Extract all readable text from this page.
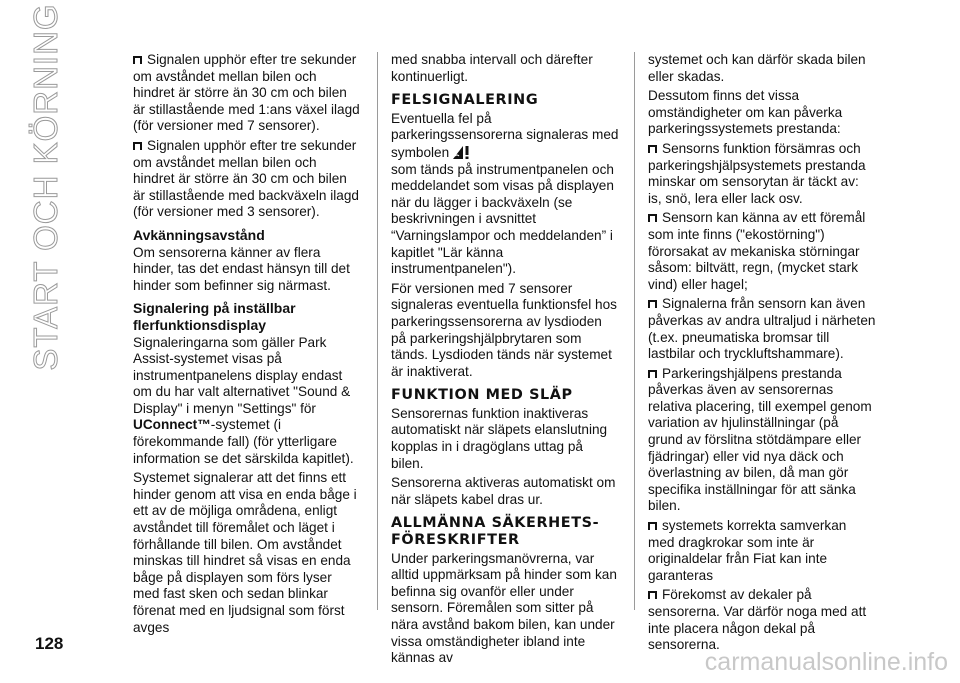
START OCH KÖRNING	Signalen upphör efter tre sekunder om avståndet mellan bilen och hindret är större än 30 cm och bilen är stillastående med 1:ans växel ilagd (för versioner med 7 sensorer).

Signalen upphör efter tre sekunder om avståndet mellan bilen och hindret är större än 30 cm och bilen är stillastående med backväxeln ilagd (för versioner med 3 sensorer).

Avkänningsavstånd

Om sensorerna känner av flera hinder, tas det endast hänsyn till det hinder som befinner sig närmast.

Signalering på inställbar
flerfunktionsdisplay

Signaleringarna som gäller Park Assist-systemet visas på instrumentpanelens display endast om du har valt alternativet "Sound & Display" i menyn "Settings" för UConnect™-systemet (i förekommande fall) (för ytterligare information se det särskilda kapitlet).

Systemet signalerar att det finns ett hinder genom att visa en enda båge i ett av de möjliga områdena, enligt avståndet till föremålet och läget i förhållande till bilen. Om avståndet minskas till hindret så visas en enda båge på displayen som förs lyser med fast sken och sedan blinkar förenat med en ljudsignal som först avges

med snabba intervall och därefter kontinuerligt.

FELSIGNALERING

Eventuella fel på parkeringssensorerna signaleras med symbolen
som tänds på instrumentpanelen och meddelandet som visas på displayen när du lägger i backväxeln (se beskrivningen i avsnittet “Varningslampor och meddelanden” i kapitlet "Lär känna instrumentpanelen").

För versionen med 7 sensorer signaleras eventuella funktionsfel hos parkeringssensorerna av lysdioden på parkeringshjälpbrytaren som tänds. Lysdioden tänds när systemet är inaktiverat.

FUNKTION MED SLÄP

Sensorernas funktion inaktiveras automatiskt när släpets elanslutning kopplas in i dragöglans uttag på bilen.

Sensorerna aktiveras automatiskt om när släpets kabel dras ur.

ALLMÄNNA SÄKERHETS-
FÖRESKRIFTER

Under parkeringsmanövrerna, var alltid uppmärksam på hinder som kan befinna sig ovanför eller under sensorn. Föremålen som sitter på nära avstånd bakom bilen, kan under vissa omständigheter ibland inte kännas av

systemet och kan därför skada bilen eller skadas.

Dessutom finns det vissa omständigheter om kan påverka parkeringssystemets prestanda:

Sensorns funktion försämras och parkeringshjälpsystemets prestanda minskar om sensorytan är täckt av: is, snö, lera eller lack osv.

Sensorn kan känna av ett föremål som inte finns ("ekostörning") förorsakat av mekaniska störningar såsom: biltvätt, regn, (mycket stark vind) eller hagel;

Signalerna från sensorn kan även påverkas av andra ultraljud i närheten (t.ex. pneumatiska bromsar till lastbilar och tryckluftshammare).

Parkeringshjälpens prestanda påverkas även av sensorernas relativa placering, till exempel genom variation av hjulinställningar (på grund av förslitna stötdämpare eller fjädringar) eller vid nya däck och överlastning av bilen, då man gör specifika inställningar för att sänka bilen.

systemets korrekta samverkan med dragkrokar som inte är originaldelar från Fiat kan inte garanteras

Förekomst av dekaler på sensorerna. Var därför noga med att inte placera någon dekal på sensorerna.

128
carmanualsonline.info
